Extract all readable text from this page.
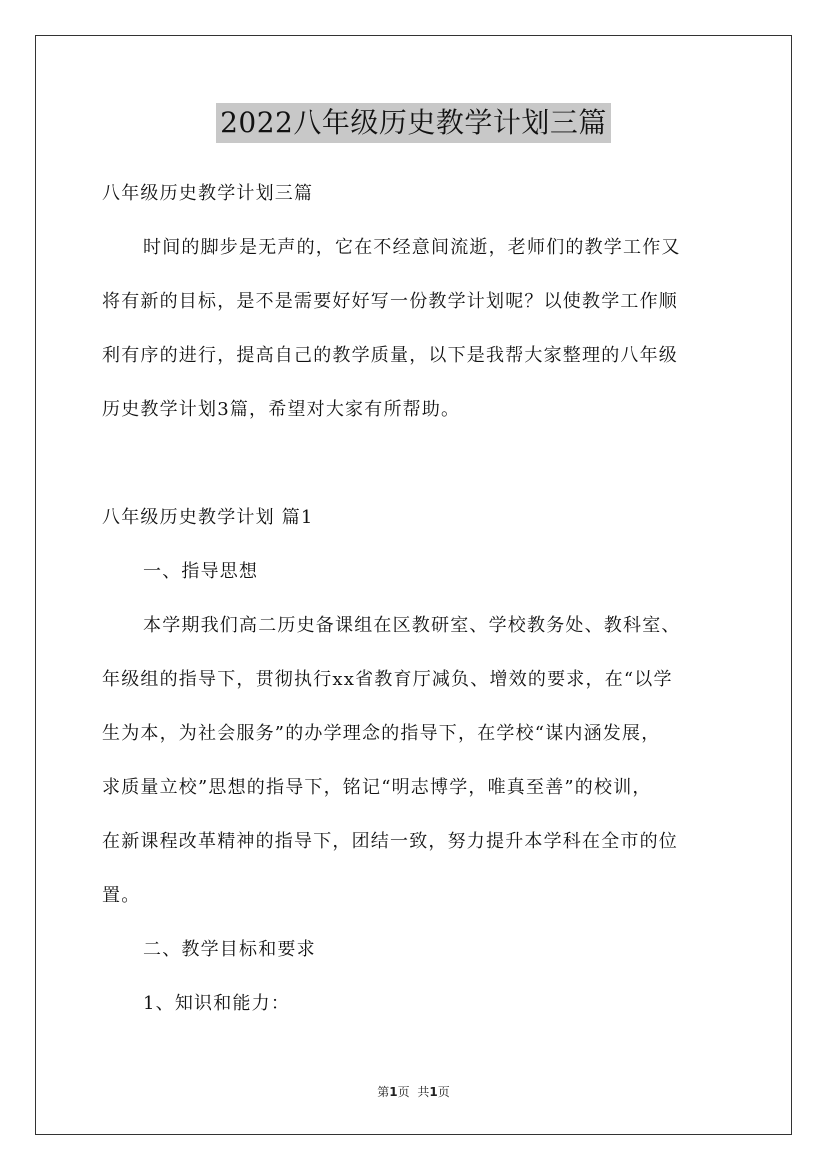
2022八年级历史教学计划三篇
八年级历史教学计划三篇
时间的脚步是无声的，它在不经意间流逝，老师们的教学工作又
将有新的目标，是不是需要好好写一份教学计划呢？以使教学工作顺
利有序的进行，提高自己的教学质量，以下是我帮大家整理的八年级
历史教学计划3篇，希望对大家有所帮助。
八年级历史教学计划 篇1
一、指导思想
本学期我们高二历史备课组在区教研室、学校教务处、教科室、
年级组的指导下，贯彻执行xx省教育厅减负、增效的要求，在“以学
生为本，为社会服务”的办学理念的指导下，在学校“谋内涵发展，
求质量立校”思想的指导下，铭记“明志博学，唯真至善”的校训，
在新课程改革精神的指导下，团结一致，努力提升本学科在全市的位
置。
二、教学目标和要求
1、知识和能力：
第1页 共1页
